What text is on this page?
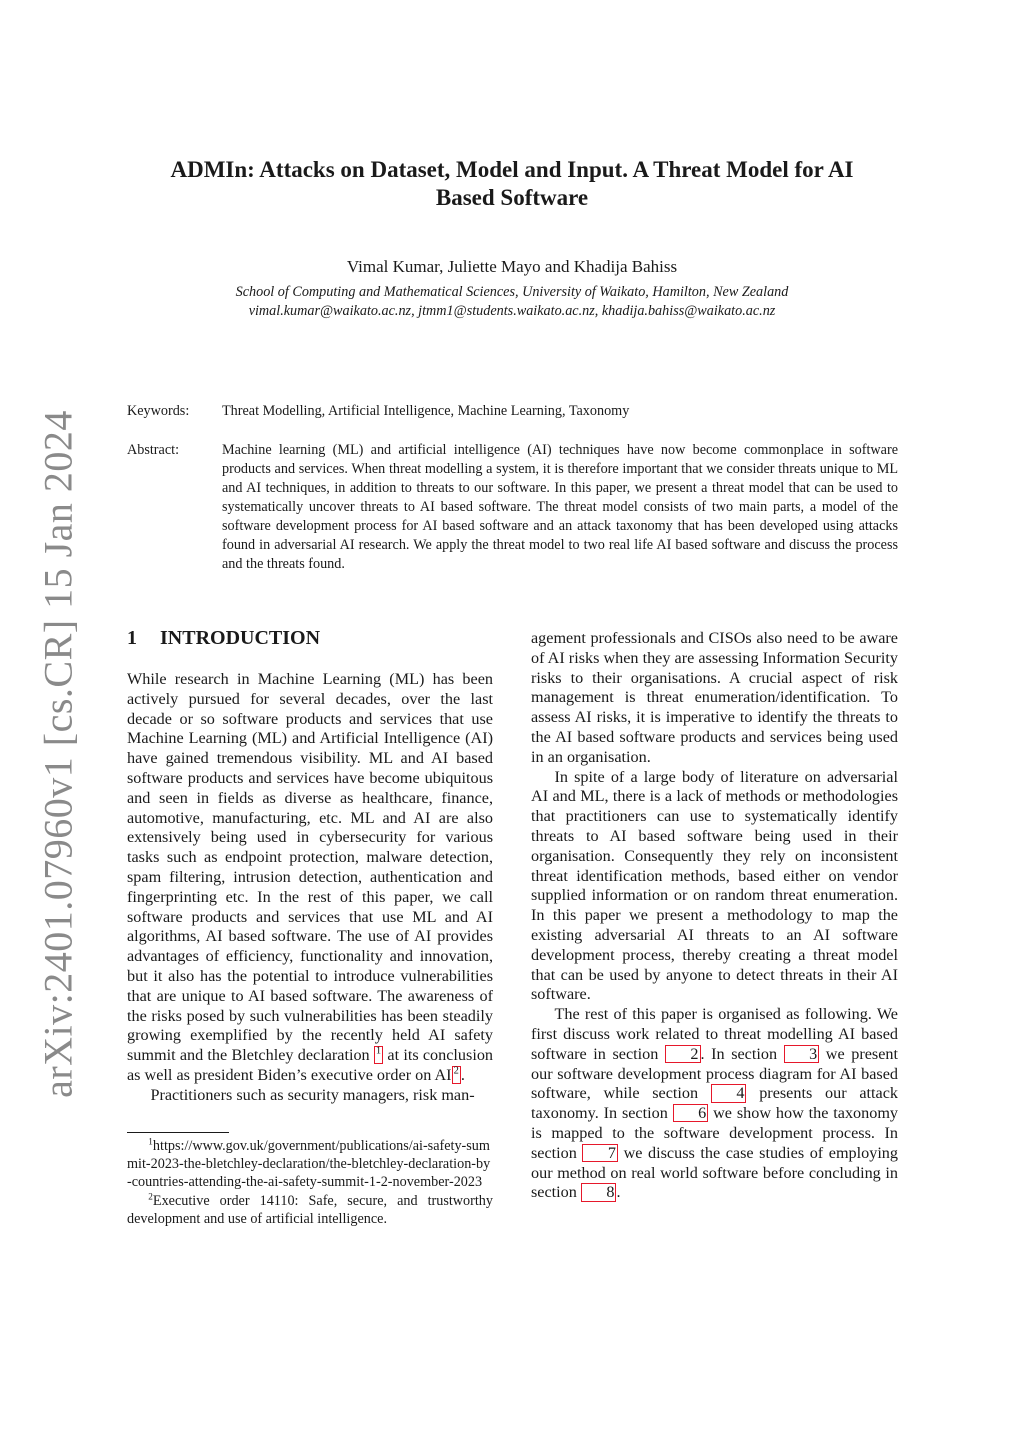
arXiv:2401.07960v1 [cs.CR] 15 Jan 2024
ADMIn: Attacks on Dataset, Model and Input. A Threat Model for AI
Based Software
Vimal Kumar, Juliette Mayo and Khadija Bahiss
School of Computing and Mathematical Sciences, University of Waikato, Hamilton, New Zealand
vimal.kumar@waikato.ac.nz, jtmm1@students.waikato.ac.nz, khadija.bahiss@waikato.ac.nz
Keywords: Threat Modelling, Artificial Intelligence, Machine Learning, Taxonomy
Abstract:	Machine learning (ML) and artificial intelligence (AI) techniques have now become commonplace in software products and services. When threat modelling a system, it is therefore important that we consider threats unique to ML and AI techniques, in addition to threats to our software. In this paper, we present a threat model that can be used to systematically uncover threats to AI based software. The threat model consists of two main parts, a model of the software development process for AI based software and an attack taxonomy that has been developed using attacks found in adversarial AI research. We apply the threat model to two real life AI based software and discuss the process and the threats found.
1 INTRODUCTION

While research in Machine Learning (ML) has been actively pursued for several decades, over the last decade or so software products and services that use Machine Learning (ML) and Artificial Intelligence (AI) have gained tremendous visibility. ML and AI based software products and services have become ubiquitous and seen in fields as diverse as healthcare, finance, automotive, manufacturing, etc. ML and AI are also extensively being used in cybersecurity for various tasks such as endpoint protection, malware detection, spam filtering, intrusion detection, authentication and fingerprinting etc. In the rest of this paper, we call software products and services that use ML and AI algorithms, AI based software. The use of AI provides advantages of efficiency, functionality and innovation, but it also has the potential to introduce vulnerabilities that are unique to AI based software. The awareness of the risks posed by such vulnerabilities has been steadily growing exemplified by the recently held AI safety summit and the Bletchley declaration $^1$ at its conclusion as well as president Biden’s executive order on AI $^2$ .

Practitioners such as security managers, risk man-

$^1$https://www.gov.uk/government/publications/ai-safety-summit-2023-the-bletchley-declaration/the-bletchley-declaration-by-countries-attending-the-ai-safety-summit-1-2-november-2023

$^2$Executive order 14110: Safe, secure, and trustworthy development and use of artificial intelligence.

agement professionals and CISOs also need to be aware of AI risks when they are assessing Information Security risks to their organisations. A crucial aspect of risk management is threat enumeration/identification. To assess AI risks, it is imperative to identify the threats to the AI based software products and services being used in an organisation.

In spite of a large body of literature on adversarial AI and ML, there is a lack of methods or methodologies that practitioners can use to systematically identify threats to AI based software being used in their organisation. Consequently they rely on inconsistent threat identification methods, based either on vendor supplied information or on random threat enumeration. In this paper we present a methodology to map the existing adversarial AI threats to an AI software development process, thereby creating a threat model that can be used by anyone to detect threats in their AI software.

The rest of this paper is organised as following. We first discuss work related to threat modelling AI based software in section 2 . In section 3 we present our software development process diagram for AI based software, while section 4 presents our attack taxonomy. In section 6 we show how the taxonomy is mapped to the software development process. In section 7 we discuss the case studies of employing our method on real world software before concluding in section 8 .
